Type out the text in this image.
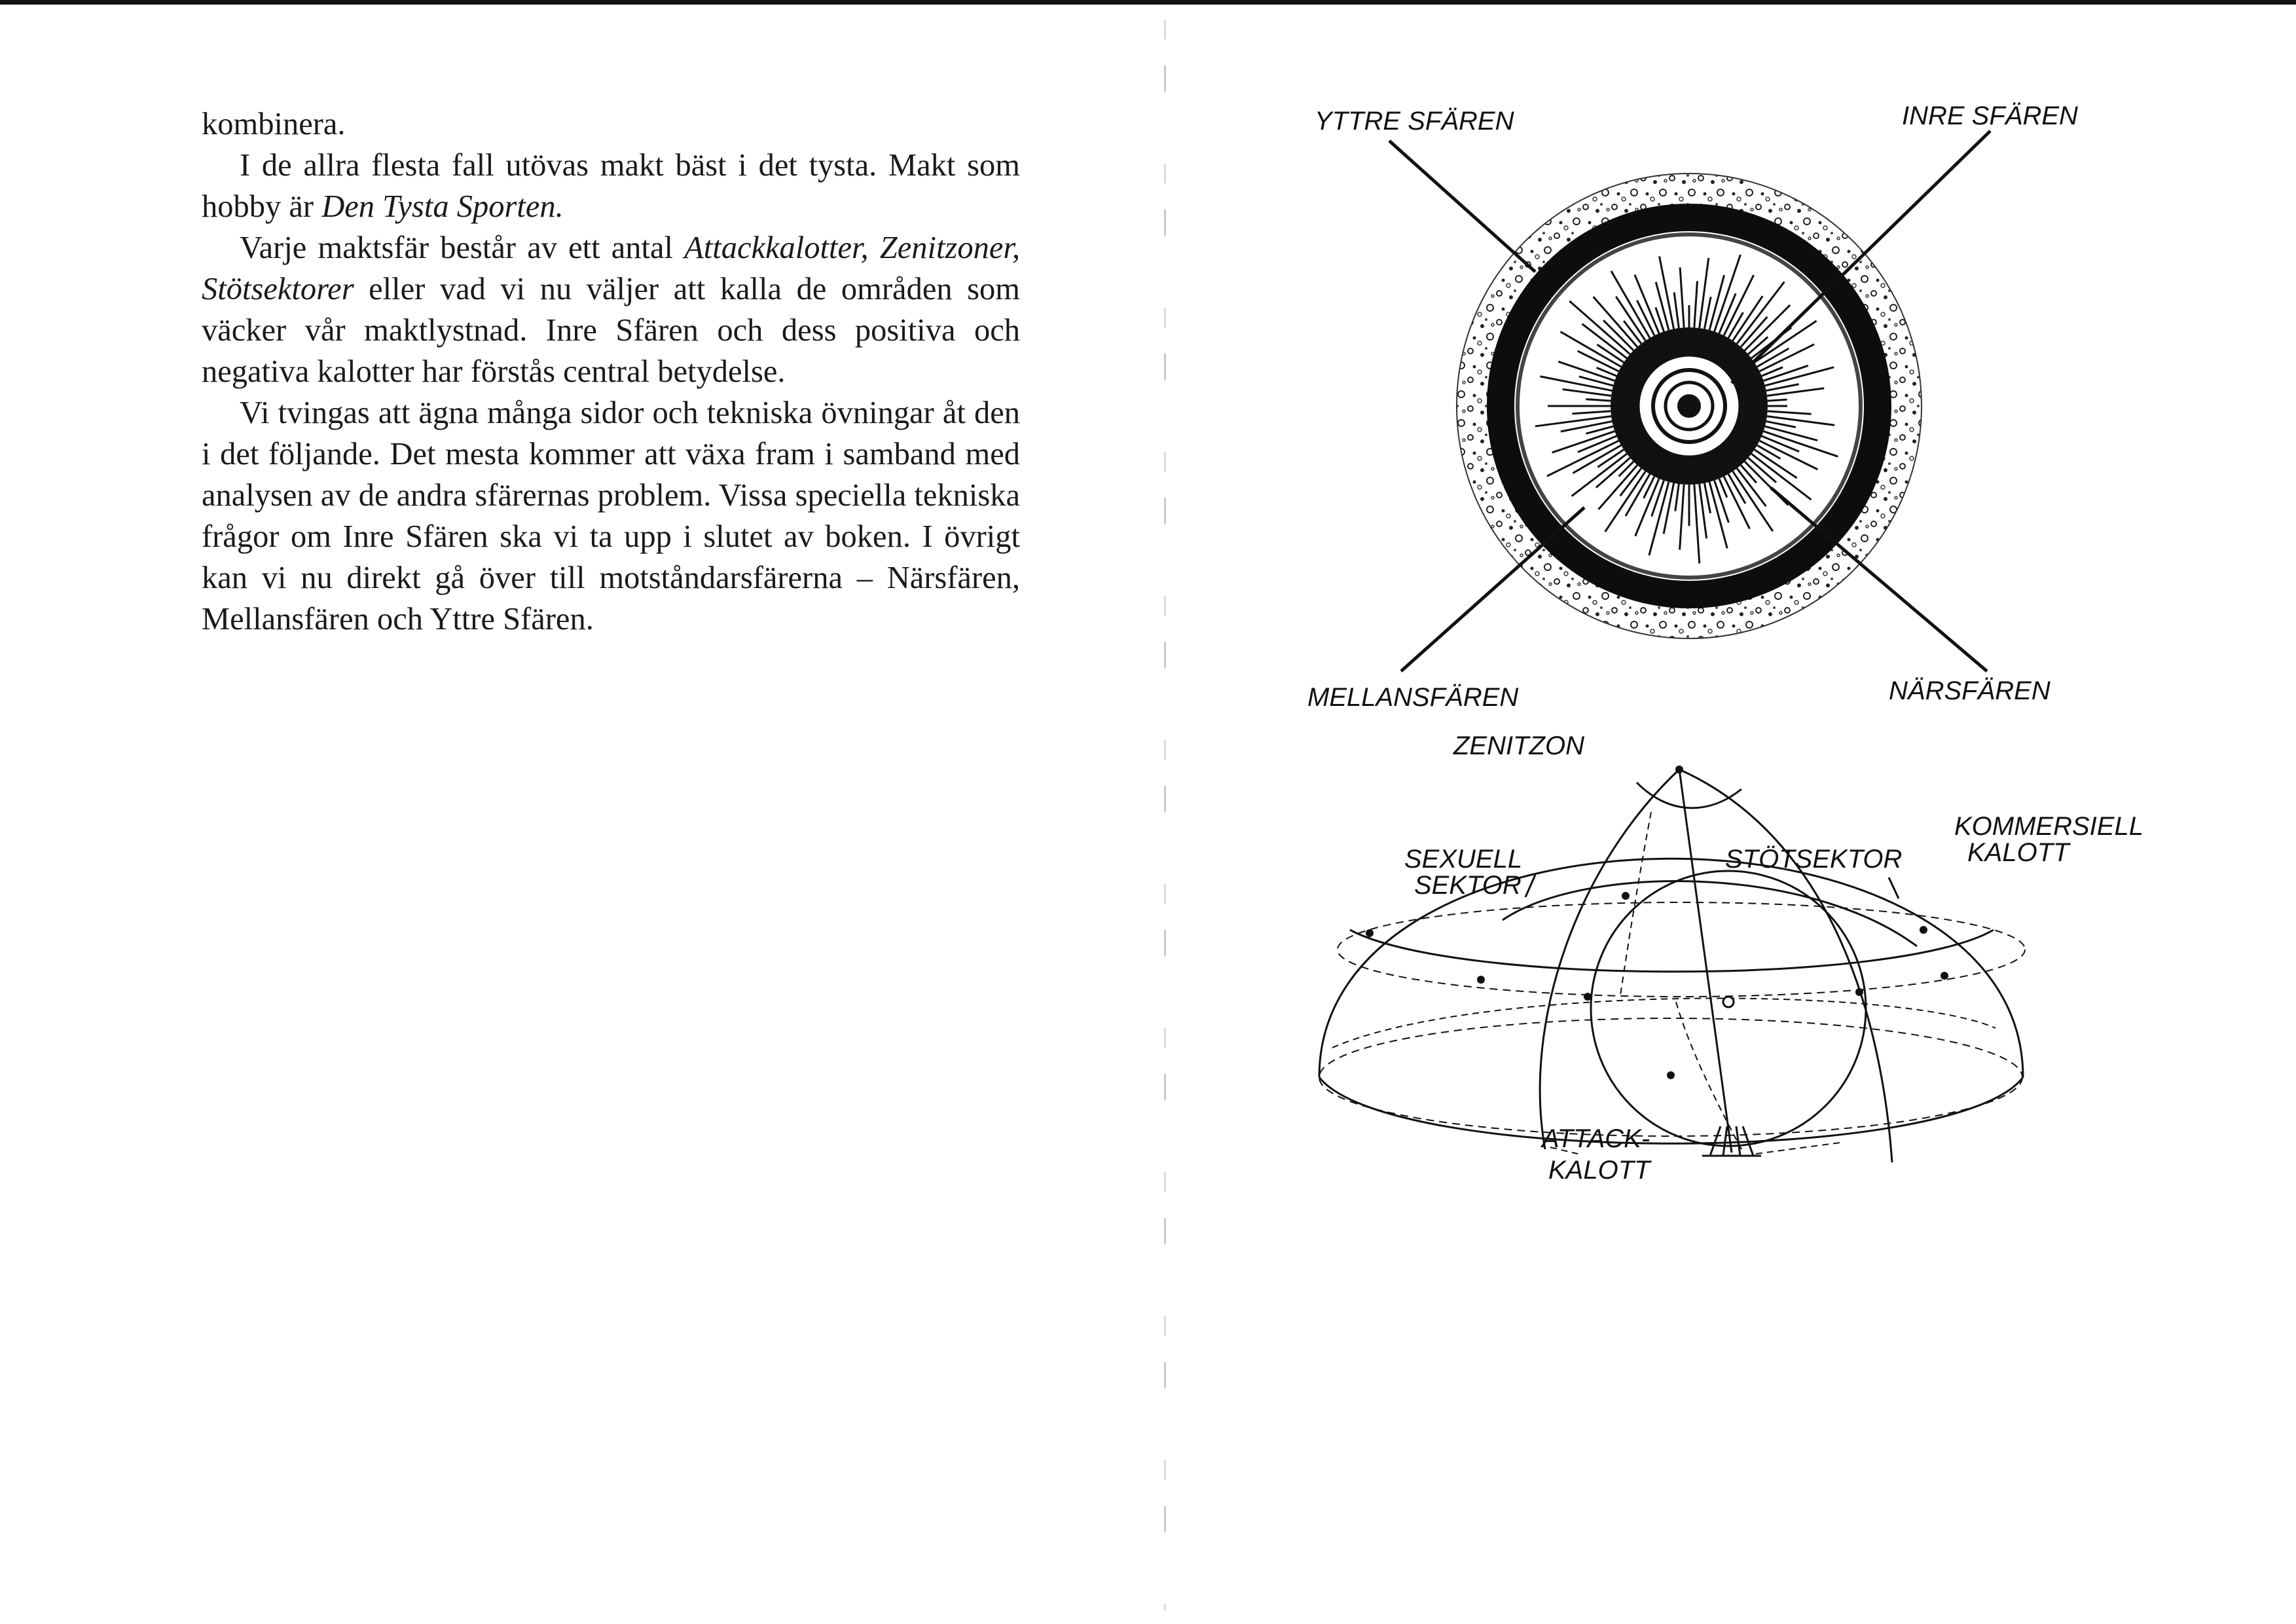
kombinera.

I de allra flesta fall utövas makt bäst i det tysta. Makt som hobby är Den Tysta Sporten.

Varje maktsfär består av ett antal Attackkalotter, Zenitzoner, Stötsektorer eller vad vi nu väljer att kalla de områden som väcker vår maktlystnad. Inre Sfären och dess positiva och negativa kalotter har förstås central betydelse.

Vi tvingas att ägna många sidor och tekniska övningar åt den i det följande. Det mesta kommer att växa fram i samband med analysen av de andra sfärernas problem. Vissa speciella tekniska frågor om Inre Sfären ska vi ta upp i slutet av boken. I övrigt kan vi nu direkt gå över till motståndarsfärerna – Närsfären, Mellansfären och Yttre Sfären.

YTTRE SFÄREN	INRE SFÄREN
MELLANSFÄREN	NÄRSFÄREN
ZENITZON
KOMMERSIELL
KALOTT
SEXUELL
SEKTOR
STÖTSEKTOR
ATTACK-
KALOTT
